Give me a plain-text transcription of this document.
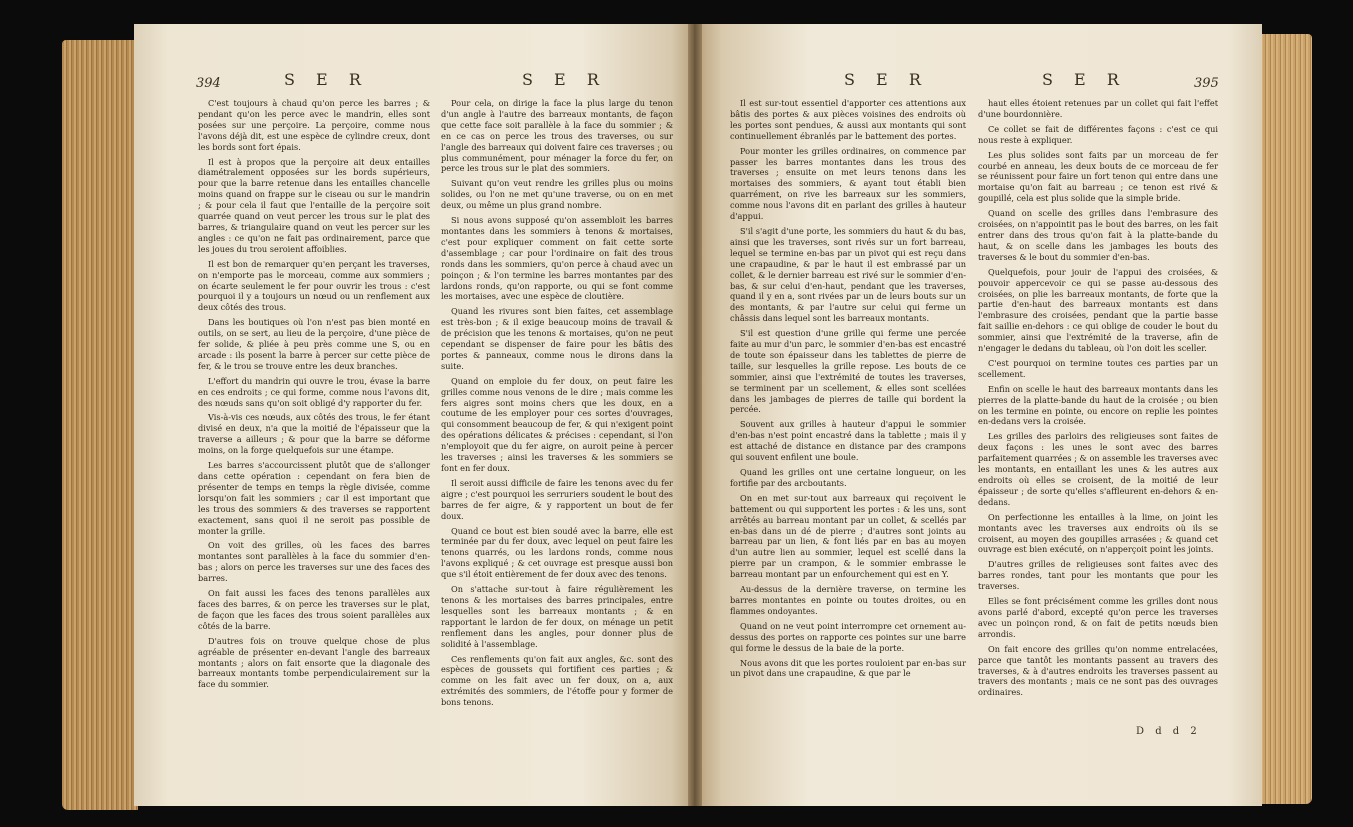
394	S E R	S E R

C'est toujours à chaud qu'on perce les barres ; & pendant qu'on les perce avec le mandrin, elles sont posées sur une perçoire. La perçoire, comme nous l'avons déjà dit, est une espèce de cylindre creux, dont les bords sont fort épais.

Il est à propos que la perçoire ait deux entailles diamétralement opposées sur les bords supérieurs, pour que la barre retenue dans les entailles chancelle moins quand on frappe sur le ciseau ou sur le mandrin ; & pour cela il faut que l'entaille de la perçoire soit quarrée quand on veut percer les trous sur le plat des barres, & triangulaire quand on veut les percer sur les angles : ce qu'on ne fait pas ordinairement, parce que les joues du trou seroient affoiblies.

Il est bon de remarquer qu'en perçant les traverses, on n'emporte pas le morceau, comme aux sommiers ; on écarte seulement le fer pour ouvrir les trous : c'est pourquoi il y a toujours un nœud ou un renflement aux deux côtés des trous.

Dans les boutiques où l'on n'est pas bien monté en outils, on se sert, au lieu de la perçoire, d'une pièce de fer solide, & pliée à peu près comme une S, ou en arcade : ils posent la barre à percer sur cette pièce de fer, & le trou se trouve entre les deux branches.

L'effort du mandrin qui ouvre le trou, évase la barre en ces endroits ; ce qui forme, comme nous l'avons dit, des nœuds sans qu'on soit obligé d'y rapporter du fer.

Vis-à-vis ces nœuds, aux côtés des trous, le fer étant divisé en deux, n'a que la moitié de l'épaisseur que la traverse a ailleurs ; & pour que la barre se déforme moins, on la forge quelquefois sur une étampe.

Les barres s'accourcissent plutôt que de s'allonger dans cette opération : cependant on fera bien de présenter de temps en temps la règle divisée, comme lorsqu'on fait les sommiers ; car il est important que les trous des sommiers & des traverses se rapportent exactement, sans quoi il ne seroit pas possible de monter la grille.

On voit des grilles, où les faces des barres montantes sont parallèles à la face du sommier d'en-bas ; alors on perce les traverses sur une des faces des barres.

On fait aussi les faces des tenons parallèles aux faces des barres, & on perce les traverses sur le plat, de façon que les faces des trous soient parallèles aux côtés de la barre.

D'autres fois on trouve quelque chose de plus agréable de présenter en-devant l'angle des barreaux montants ; alors on fait ensorte que la diagonale des barreaux montants tombe perpendiculairement sur la face du sommier.

Pour cela, on dirige la face la plus large du tenon d'un angle à l'autre des barreaux montants, de façon que cette face soit parallèle à la face du sommier ; & en ce cas on perce les trous des traverses, ou sur l'angle des barreaux qui doivent faire ces traverses ; ou plus communément, pour ménager la force du fer, on perce les trous sur le plat des sommiers.

Suivant qu'on veut rendre les grilles plus ou moins solides, ou l'on ne met qu'une traverse, ou on en met deux, ou même un plus grand nombre.

Si nous avons supposé qu'on assembloit les barres montantes dans les sommiers à tenons & mortaises, c'est pour expliquer comment on fait cette sorte d'assemblage ; car pour l'ordinaire on fait des trous ronds dans les sommiers, qu'on perce à chaud avec un poinçon ; & l'on termine les barres montantes par des lardons ronds, qu'on rapporte, ou qui se font comme les mortaises, avec une espèce de cloutière.

Quand les rivures sont bien faites, cet assemblage est très-bon ; & il exige beaucoup moins de travail & de précision que les tenons & mortaises, qu'on ne peut cependant se dispenser de faire pour les bâtis des portes & panneaux, comme nous le dirons dans la suite.

Quand on emploie du fer doux, on peut faire les grilles comme nous venons de le dire ; mais comme les fers aigres sont moins chers que les doux, en a coutume de les employer pour ces sortes d'ouvrages, qui consomment beaucoup de fer, & qui n'exigent point des opérations délicates & précises : cependant, si l'on n'employoit que du fer aigre, on auroit peine à percer les traverses ; ainsi les traverses & les sommiers se font en fer doux.

Il seroit aussi difficile de faire les tenons avec du fer aigre ; c'est pourquoi les serruriers soudent le bout des barres de fer aigre, & y rapportent un bout de fer doux.

Quand ce bout est bien soudé avec la barre, elle est terminée par du fer doux, avec lequel on peut faire les tenons quarrés, ou les lardons ronds, comme nous l'avons expliqué ; & cet ouvrage est presque aussi bon que s'il étoit entièrement de fer doux avec des tenons.

On s'attache sur-tout à faire régulièrement les tenons & les mortaises des barres principales, entre lesquelles sont les barreaux montants ; & en rapportant le lardon de fer doux, on ménage un petit renflement dans les angles, pour donner plus de solidité à l'assemblage.

Ces renflements qu'on fait aux angles, &c. sont des espèces de goussets qui fortifient ces parties ; & comme on les fait avec un fer doux, on a, aux extrémités des sommiers, de l'étoffe pour y former de bons tenons.

S E R	S E R	395

Il est sur-tout essentiel d'apporter ces attentions aux bâtis des portes & aux pièces voisines des endroits où les portes sont pendues, & aussi aux montants qui sont continuellement ébranlés par le battement des portes.

Pour monter les grilles ordinaires, on commence par passer les barres montantes dans les trous des traverses ; ensuite on met leurs tenons dans les mortaises des sommiers, & ayant tout établi bien quarrément, on rive les barreaux sur les sommiers, comme nous l'avons dit en parlant des grilles à hauteur d'appui.

S'il s'agit d'une porte, les sommiers du haut & du bas, ainsi que les traverses, sont rivés sur un fort barreau, lequel se termine en-bas par un pivot qui est reçu dans une crapaudine, & par le haut il est embrassé par un collet, & le dernier barreau est rivé sur le sommier d'en-bas, & sur celui d'en-haut, pendant que les traverses, quand il y en a, sont rivées par un de leurs bouts sur un des montants, & par l'autre sur celui qui ferme un châssis dans lequel sont les barreaux montants.

S'il est question d'une grille qui ferme une percée faite au mur d'un parc, le sommier d'en-bas est encastré de toute son épaisseur dans les tablettes de pierre de taille, sur lesquelles la grille repose. Les bouts de ce sommier, ainsi que l'extrémité de toutes les traverses, se terminent par un scellement, & elles sont scellées dans les jambages de pierres de taille qui bordent la percée.

Souvent aux grilles à hauteur d'appui le sommier d'en-bas n'est point encastré dans la tablette ; mais il y est attaché de distance en distance par des crampons qui souvent enfilent une boule.

Quand les grilles ont une certaine longueur, on les fortifie par des arcboutants.

On en met sur-tout aux barreaux qui reçoivent le battement ou qui supportent les portes : & les uns, sont arrêtés au barreau montant par un collet, & scellés par en-bas dans un dé de pierre ; d'autres sont joints au barreau par un lien, & font liés par en bas au moyen d'un autre lien au sommier, lequel est scellé dans la pierre par un crampon, & le sommier embrasse le barreau montant par un enfourchement qui est en Y.

Au-dessus de la dernière traverse, on termine les barres montantes en pointe ou toutes droites, ou en flammes ondoyantes.

Quand on ne veut point interrompre cet ornement au-dessus des portes on rapporte ces pointes sur une barre qui forme le dessus de la baie de la porte.

Nous avons dit que les portes rouloient par en-bas sur un pivot dans une crapaudine, & que par le

haut elles étoient retenues par un collet qui fait l'effet d'une bourdonnière.

Ce collet se fait de différentes façons : c'est ce qui nous reste à expliquer.

Les plus solides sont faits par un morceau de fer courbé en anneau, les deux bouts de ce morceau de fer se réunissent pour faire un fort tenon qui entre dans une mortaise qu'on fait au barreau ; ce tenon est rivé & goupillé, cela est plus solide que la simple bride.

Quand on scelle des grilles dans l'embrasure des croisées, on n'appointit pas le bout des barres, on les fait entrer dans des trous qu'on fait à la platte-bande du haut, & on scelle dans les jambages les bouts des traverses & le bout du sommier d'en-bas.

Quelquefois, pour jouir de l'appui des croisées, & pouvoir appercevoir ce qui se passe au-dessous des croisées, on plie les barreaux montants, de forte que la partie d'en-haut des barreaux montants est dans l'embrasure des croisées, pendant que la partie basse fait saillie en-dehors : ce qui oblige de couder le bout du sommier, ainsi que l'extrémité de la traverse, afin de n'engager le dedans du tableau, où l'on doit les sceller.

C'est pourquoi on termine toutes ces parties par un scellement.

Enfin on scelle le haut des barreaux montants dans les pierres de la platte-bande du haut de la croisée ; ou bien on les termine en pointe, ou encore on replie les pointes en-dedans vers la croisée.

Les grilles des parloirs des religieuses sont faites de deux façons : les unes le sont avec des barres parfaitement quarrées ; & on assemble les traverses avec les montants, en entaillant les unes & les autres aux endroits où elles se croisent, de la moitié de leur épaisseur ; de sorte qu'elles s'affleurent en-dehors & en-dedans.

On perfectionne les entailles à la lime, on joint les montants avec les traverses aux endroits où ils se croisent, au moyen des goupilles arrasées ; & quand cet ouvrage est bien exécuté, on n'apperçoit point les joints.

D'autres grilles de religieuses sont faites avec des barres rondes, tant pour les montants que pour les traverses.

Elles se font précisément comme les grilles dont nous avons parlé d'abord, excepté qu'on perce les traverses avec un poinçon rond, & on fait de petits nœuds bien arrondis.

On fait encore des grilles qu'on nomme entrelacées, parce que tantôt les montants passent au travers des traverses, & à d'autres endroits les traverses passent au travers des montants ; mais ce ne sont pas des ouvrages ordinaires.

D d d 2
